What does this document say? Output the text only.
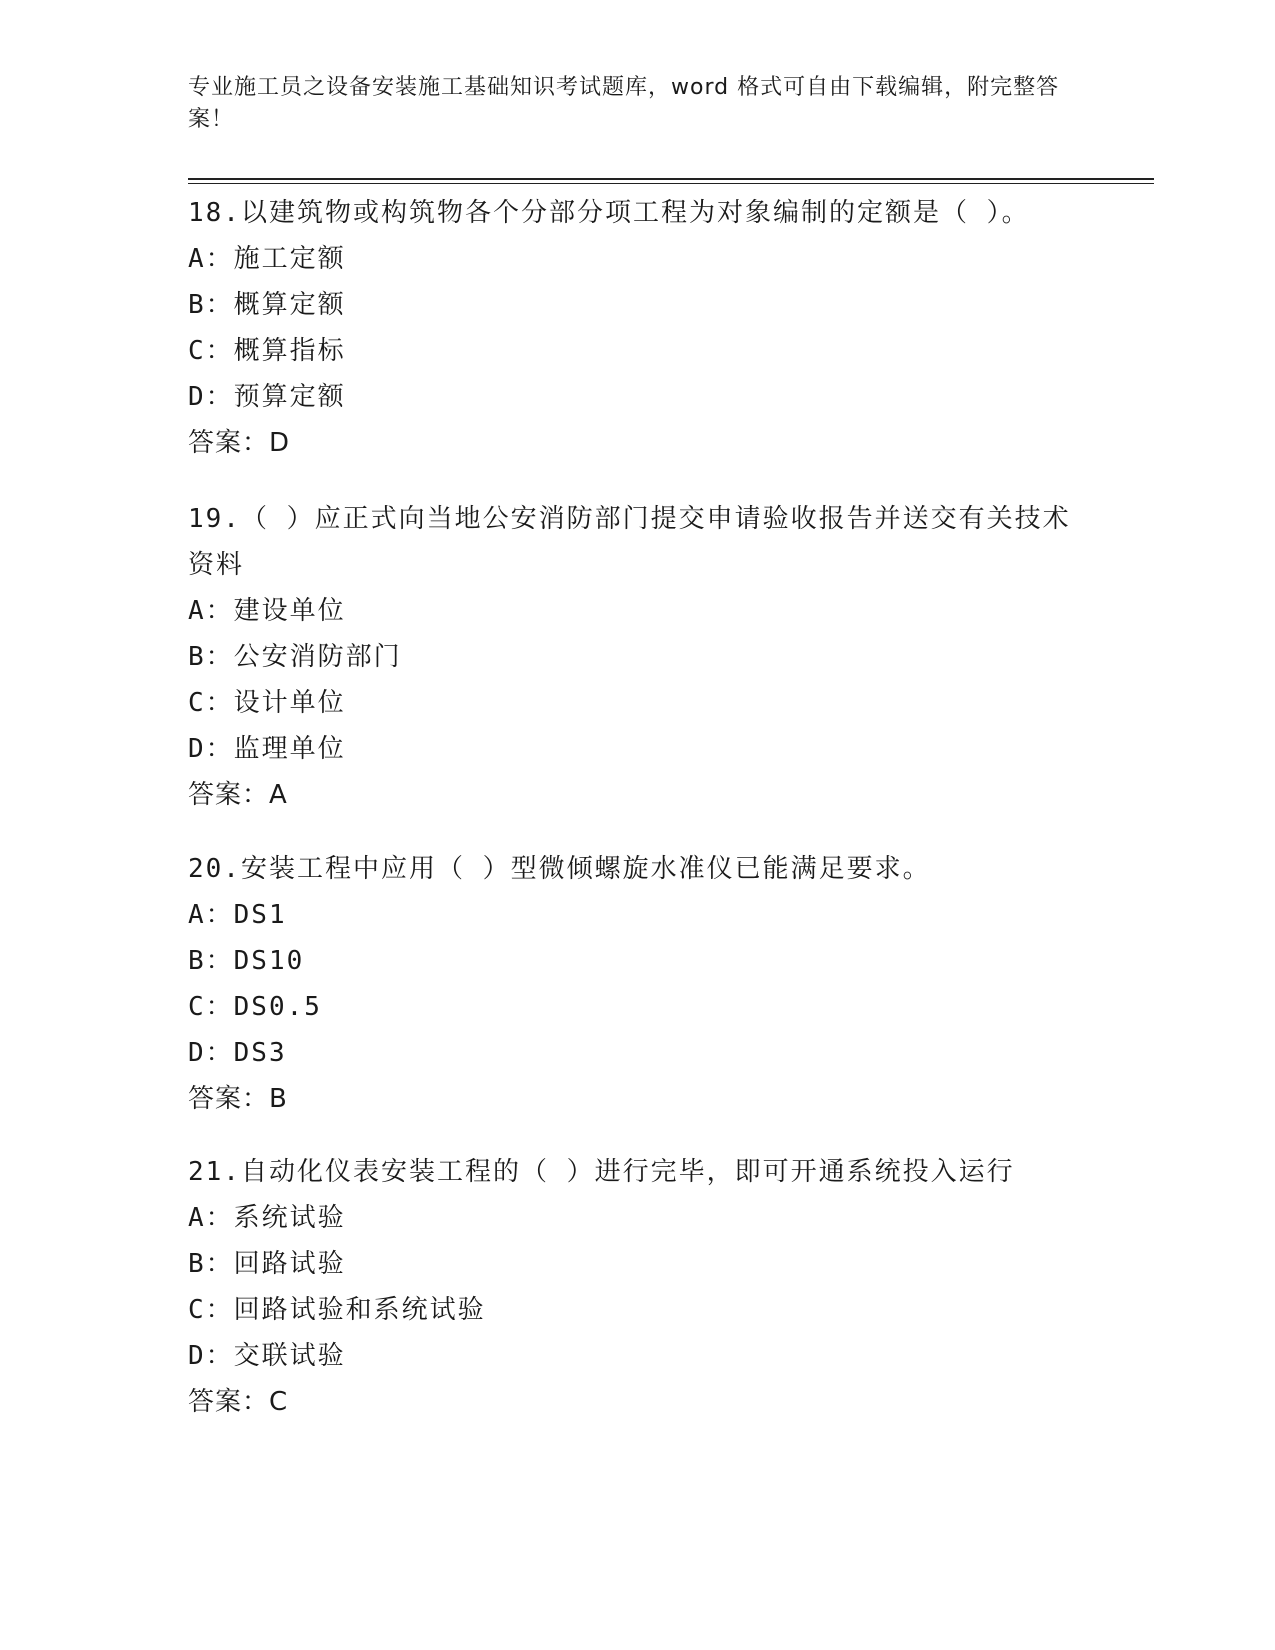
专业施工员之设备安装施工基础知识考试题库，word 格式可自由下载编辑，附完整答案！
18.以建筑物或构筑物各个分部分项工程为对象编制的定额是（ ）。
A：施工定额
B：概算定额
C：概算指标
D：预算定额
答案：D
19.（ ）应正式向当地公安消防部门提交申请验收报告并送交有关技术资料
A：建设单位
B：公安消防部门
C：设计单位
D：监理单位
答案：A
20.安装工程中应用（ ）型微倾螺旋水准仪已能满足要求。
A：DS1
B：DS10
C：DS0.5
D：DS3
答案：B
21.自动化仪表安装工程的（ ）进行完毕，即可开通系统投入运行
A：系统试验
B：回路试验
C：回路试验和系统试验
D：交联试验
答案：C
